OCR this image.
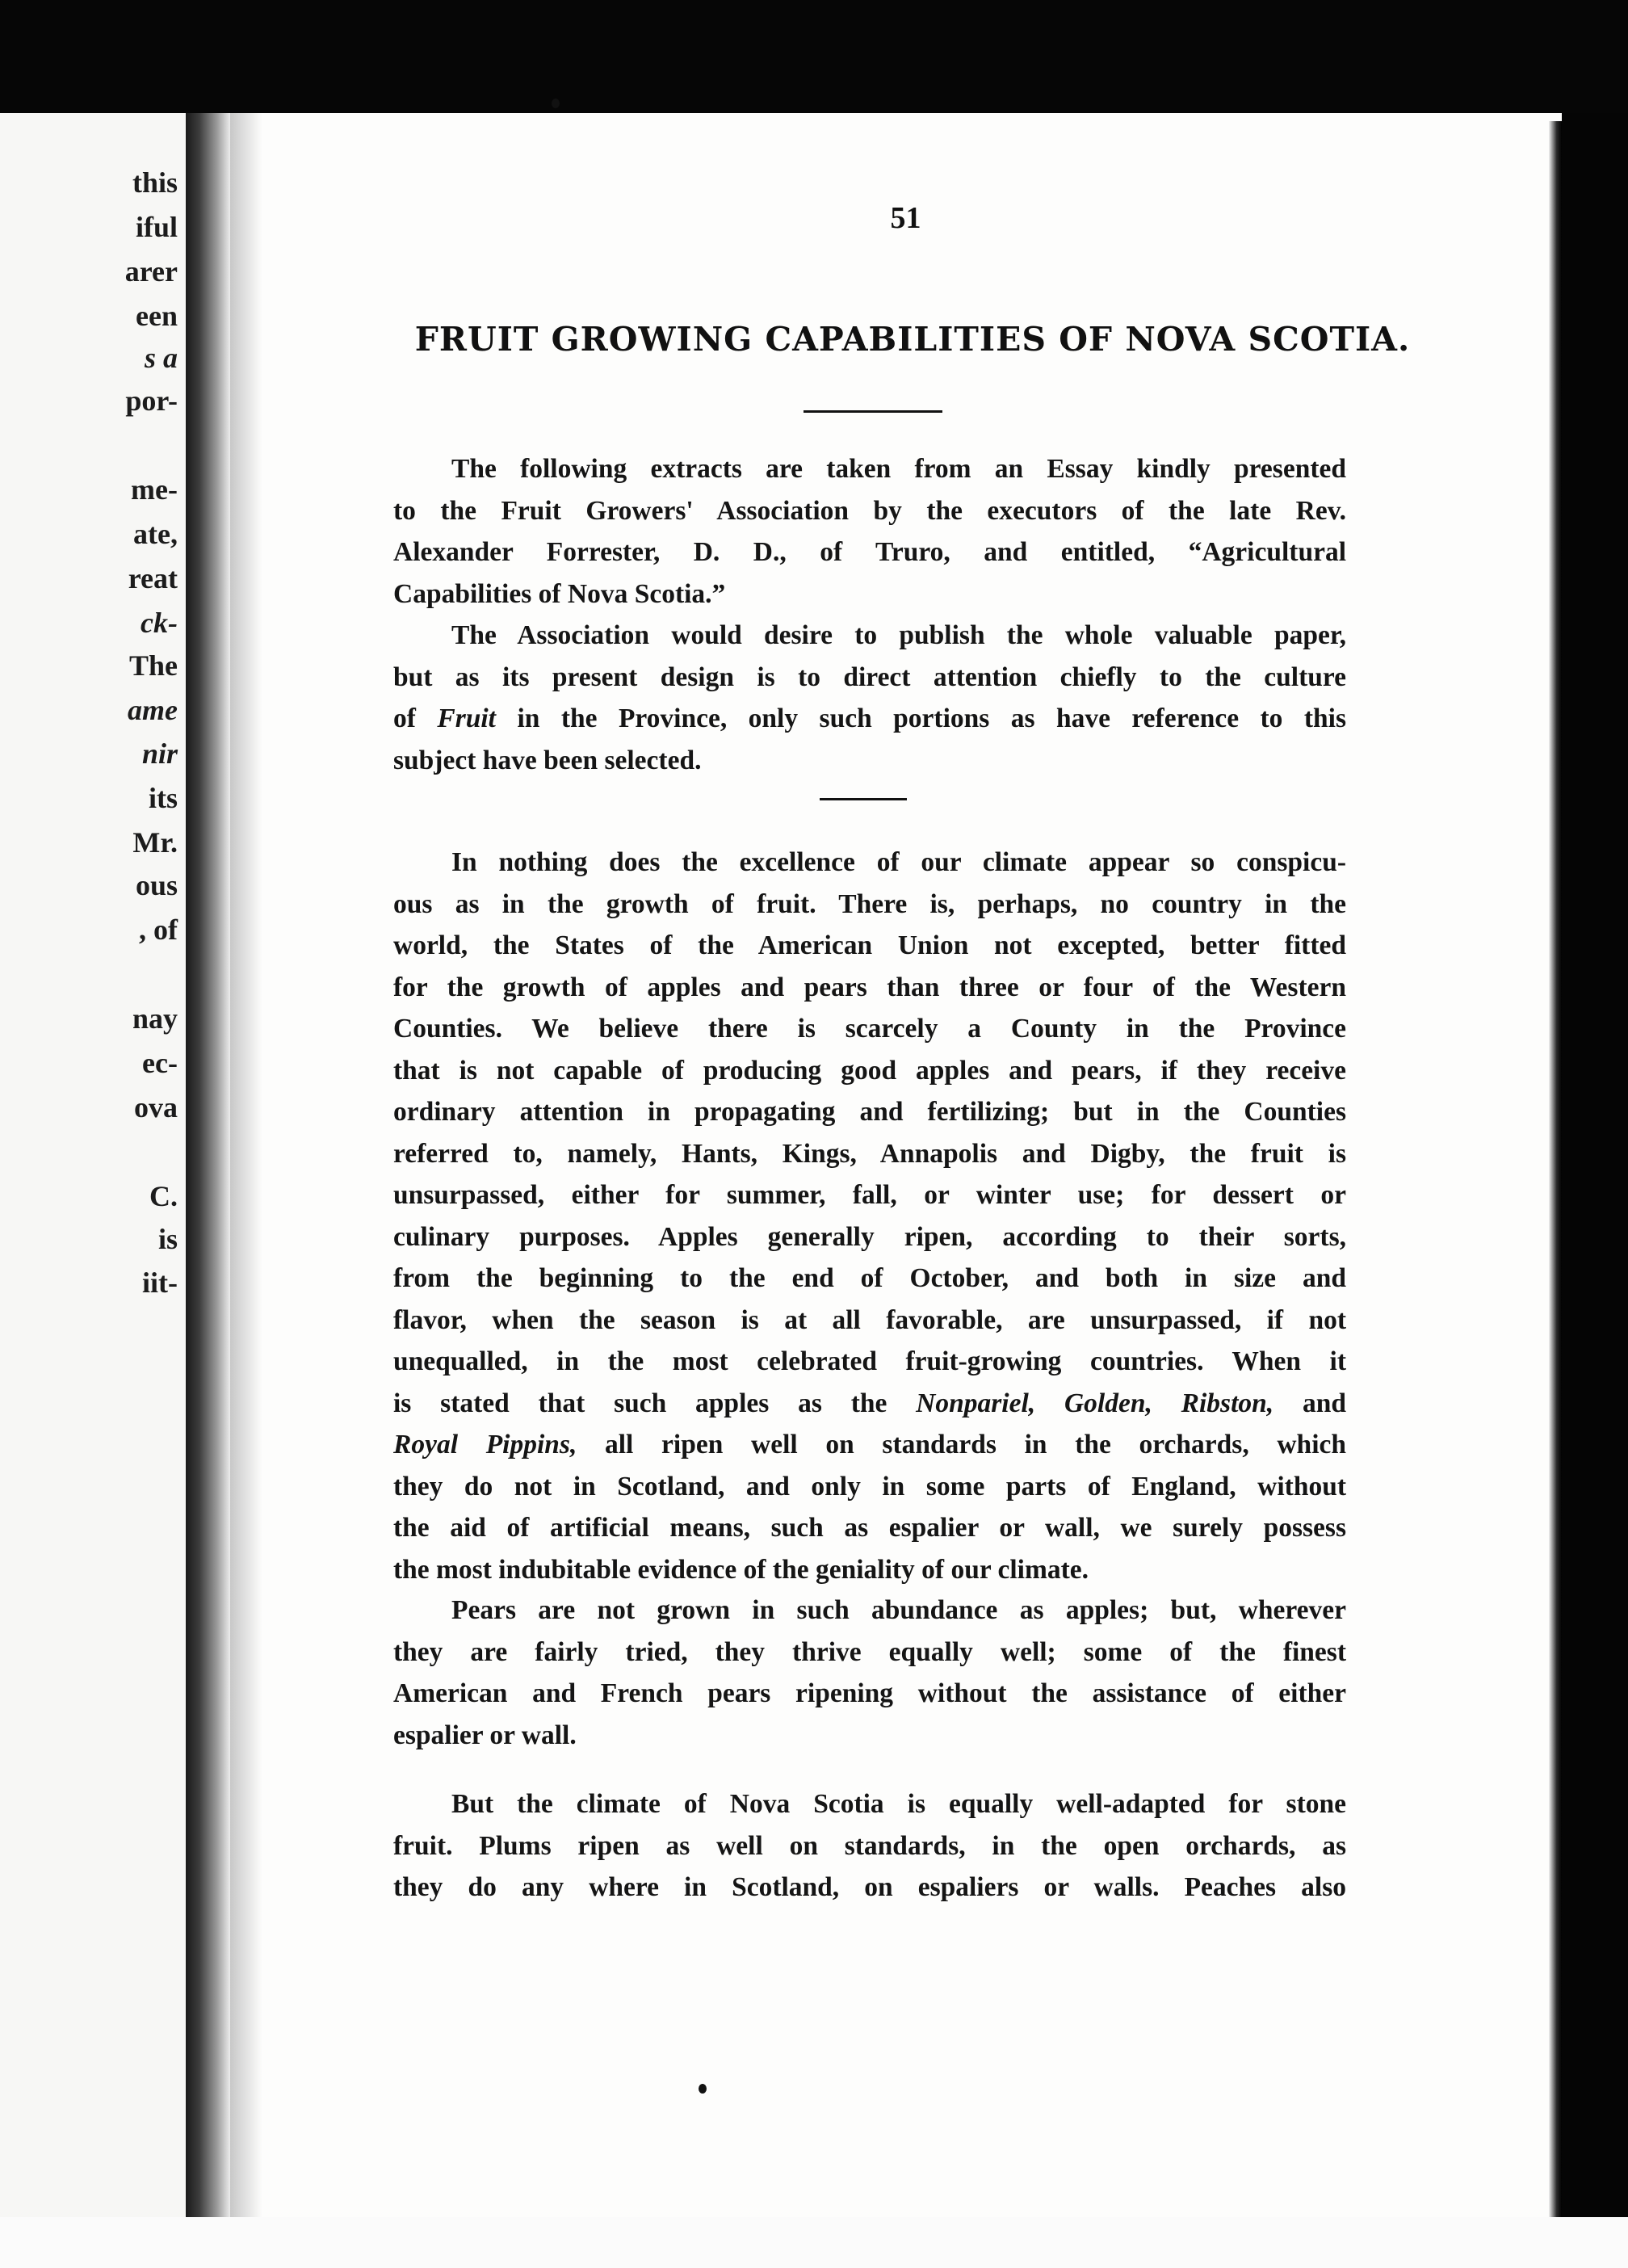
this
iful
arer
een
s a
por-
me-
ate,
reat
ck-
The
ame
nir
its
Mr.
ous
, of
nay
ec-
ova
C.
is
iit-
51
FRUIT GROWING CAPABILITIES OF NOVA SCOTIA.
The following extracts are taken from an Essay kindly presented
to the Fruit Growers' Association by the executors of the late Rev.
Alexander Forrester, D. D., of Truro, and entitled, “Agricultural
Capabilities of Nova Scotia.”
The Association would desire to publish the whole valuable paper,
but as its present design is to direct attention chiefly to the culture
of Fruit in the Province, only such portions as have reference to this
subject have been selected.
In nothing does the excellence of our climate appear so conspicu-
ous as in the growth of fruit. There is, perhaps, no country in the
world, the States of the American Union not excepted, better fitted
for the growth of apples and pears than three or four of the Western
Counties. We believe there is scarcely a County in the Province
that is not capable of producing good apples and pears, if they receive
ordinary attention in propagating and fertilizing; but in the Counties
referred to, namely, Hants, Kings, Annapolis and Digby, the fruit is
unsurpassed, either for summer, fall, or winter use; for dessert or
culinary purposes. Apples generally ripen, according to their sorts,
from the beginning to the end of October, and both in size and
flavor, when the season is at all favorable, are unsurpassed, if not
unequalled, in the most celebrated fruit-growing countries. When it
is stated that such apples as the Nonpariel, Golden, Ribston, and
Royal Pippins, all ripen well on standards in the orchards, which
they do not in Scotland, and only in some parts of England, without
the aid of artificial means, such as espalier or wall, we surely possess
the most indubitable evidence of the geniality of our climate.
Pears are not grown in such abundance as apples; but, wherever
they are fairly tried, they thrive equally well; some of the finest
American and French pears ripening without the assistance of either
espalier or wall.
But the climate of Nova Scotia is equally well-adapted for stone
fruit. Plums ripen as well on standards, in the open orchards, as
they do any where in Scotland, on espaliers or walls. Peaches also
